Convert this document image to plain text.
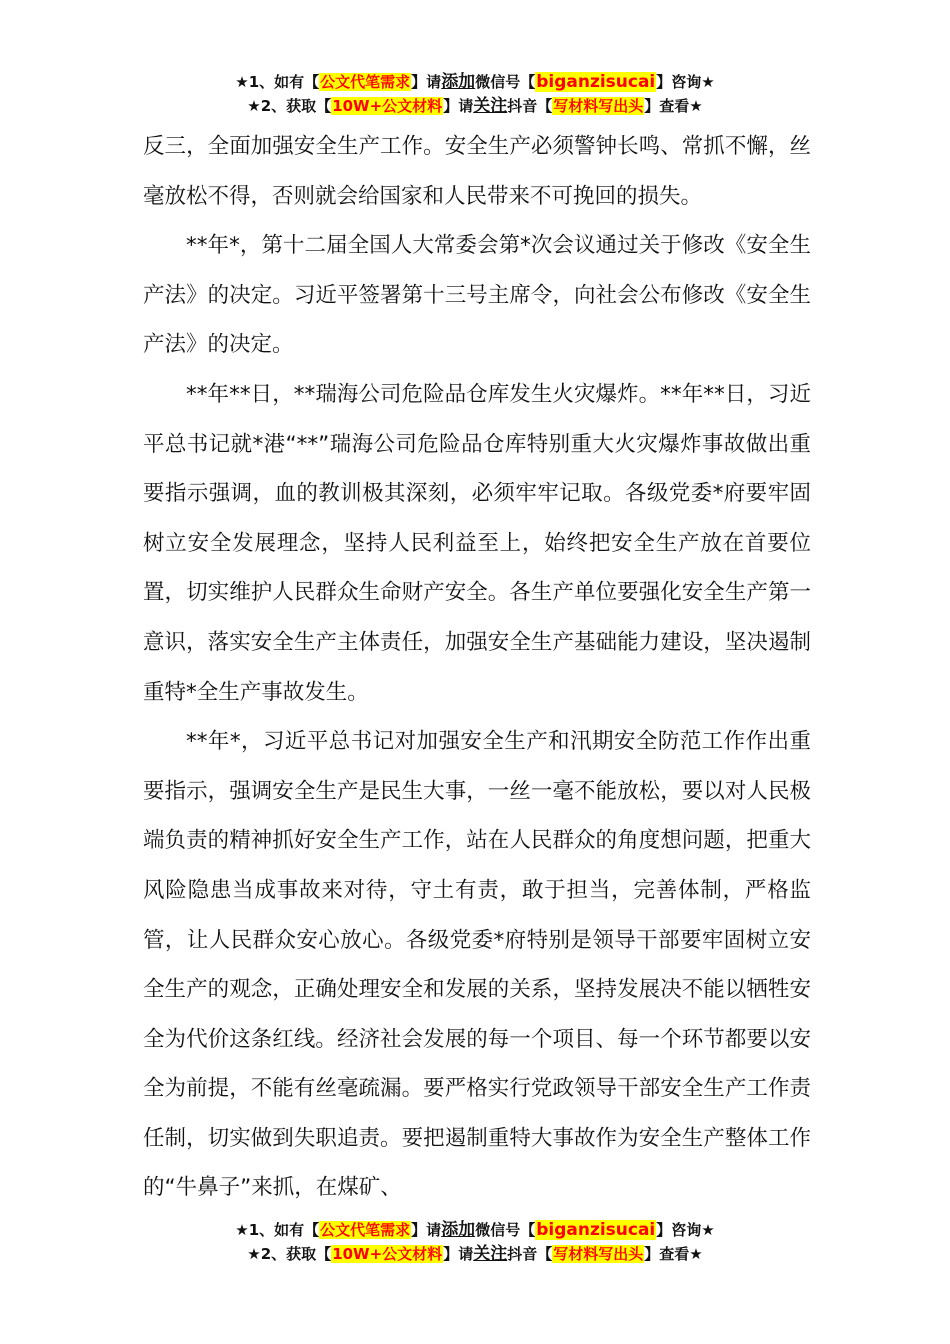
★1、如有【公文代笔需求】请添加微信号【biganzisucai】咨询★
★2、获取【10W+公文材料】请关注抖音【写材料写出头】查看★

反三，全面加强安全生产工作。安全生产必须警钟长鸣、常抓不懈，丝毫放松不得，否则就会给国家和人民带来不可挽回的损失。

**年*，第十二届全国人大常委会第*次会议通过关于修改《安全生产法》的决定。习近平签署第十三号主席令，向社会公布修改《安全生产法》的决定。

**年**日，**瑞海公司危险品仓库发生火灾爆炸。**年**日，习近平总书记就*港“**”瑞海公司危险品仓库特别重大火灾爆炸事故做出重要指示强调，血的教训极其深刻，必须牢牢记取。各级党委*府要牢固树立安全发展理念，坚持人民利益至上，始终把安全生产放在首要位置，切实维护人民群众生命财产安全。各生产单位要强化安全生产第一意识，落实安全生产主体责任，加强安全生产基础能力建设，坚决遏制重特*全生产事故发生。

**年*，习近平总书记对加强安全生产和汛期安全防范工作作出重要指示，强调安全生产是民生大事，一丝一毫不能放松，要以对人民极端负责的精神抓好安全生产工作，站在人民群众的角度想问题，把重大风险隐患当成事故来对待，守土有责，敢于担当，完善体制，严格监管，让人民群众安心放心。各级党委*府特别是领导干部要牢固树立安全生产的观念，正确处理安全和发展的关系，坚持发展决不能以牺牲安全为代价这条红线。经济社会发展的每一个项目、每一个环节都要以安全为前提，不能有丝毫疏漏。要严格实行党政领导干部安全生产工作责任制，切实做到失职追责。要把遏制重特大事故作为安全生产整体工作的“牛鼻子”来抓，在煤矿、

★1、如有【公文代笔需求】请添加微信号【biganzisucai】咨询★
★2、获取【10W+公文材料】请关注抖音【写材料写出头】查看★
